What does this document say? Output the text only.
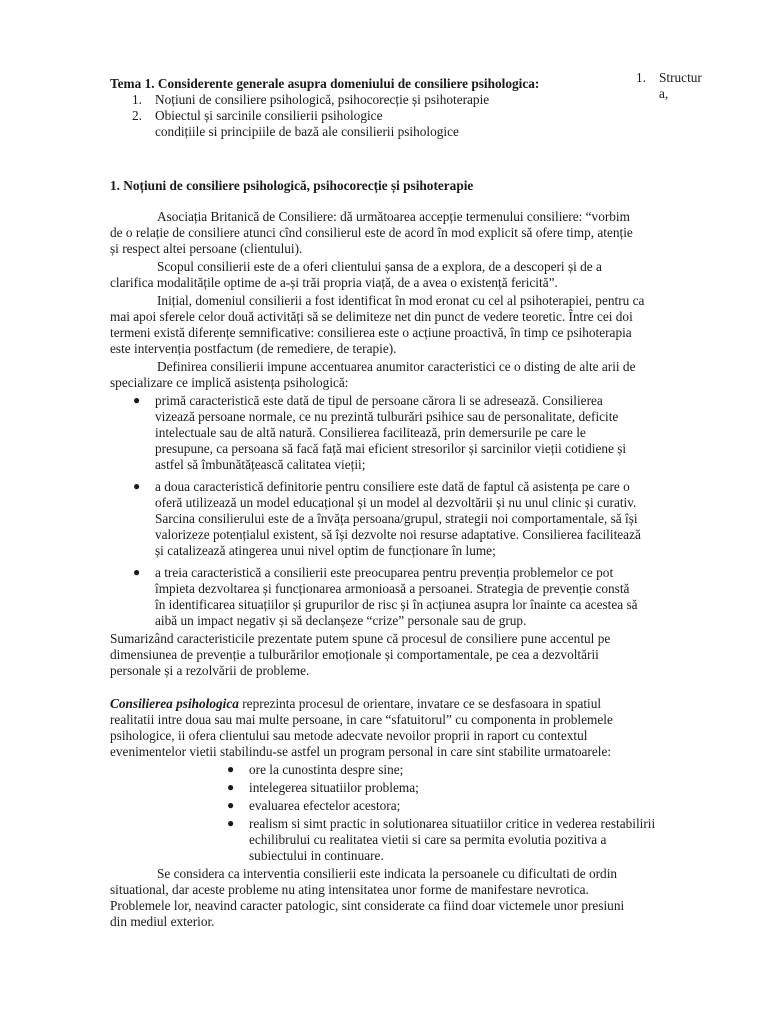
1. Structur
a,
Tema 1. Considerente generale asupra domeniului de consiliere psihologica:
1. Noțiuni de consiliere psihologică, psihocorecție și psihoterapie
2. Obiectul și sarcinile consilierii psihologice
condițiile si principiile de bază ale consilierii psihologice
1. Noțiuni de consiliere psihologică, psihocorecție și psihoterapie
Asociația Britanică de Consiliere: dă următoarea accepție termenului consiliere: “vorbim
de o relație de consiliere atunci cînd consilierul este de acord în mod explicit să ofere timp, atenție
și respect altei persoane (clientului).
Scopul consilierii este de a oferi clientului șansa de a explora, de a descoperi și de a
clarifica modalitățile optime de a-și trăi propria viață, de a avea o existență fericită”.
Inițial, domeniul consilierii a fost identificat în mod eronat cu cel al psihoterapiei, pentru ca
mai apoi sferele celor două activități să se delimiteze net din punct de vedere teoretic. Între cei doi
termeni există diferențe semnificative: consilierea este o acțiune proactivă, în timp ce psihoterapia
este intervenția postfactum (de remediere, de terapie).
Definirea consilierii impune accentuarea anumitor caracteristici ce o disting de alte arii de
specializare ce implică asistența psihologică:
● primă caracteristică este dată de tipul de persoane cărora li se adresează. Consilierea
vizează persoane normale, ce nu prezintă tulburări psihice sau de personalitate, deficite
intelectuale sau de altă natură. Consilierea facilitează, prin demersurile pe care le
presupune, ca persoana să facă față mai eficient stresorilor și sarcinilor vieții cotidiene și
astfel să îmbunătățească calitatea vieții;
● a doua caracteristică definitorie pentru consiliere este dată de faptul că asistența pe care o
oferă utilizează un model educațional și un model al dezvoltării și nu unul clinic și curativ.
Sarcina consilierului este de a învăța persoana/grupul, strategii noi comportamentale, să își
valorizeze potențialul existent, să își dezvolte noi resurse adaptative. Consilierea facilitează
și catalizează atingerea unui nivel optim de funcționare în lume;
● a treia caracteristică a consilierii este preocuparea pentru prevenția problemelor ce pot
împieta dezvoltarea și funcționarea armonioasă a persoanei. Strategia de prevenție constă
în identificarea situațiilor și grupurilor de risc și în acțiunea asupra lor înainte ca acestea să
aibă un impact negativ și să declanșeze “crize” personale sau de grup.
Sumarizând caracteristicile prezentate putem spune că procesul de consiliere pune accentul pe
dimensiunea de prevenție a tulburărilor emoționale și comportamentale, pe cea a dezvoltării
personale și a rezolvării de probleme.
Consilierea psihologica reprezinta procesul de orientare, invatare ce se desfasoara in spatiul
realitatii intre doua sau mai multe persoane, in care “sfatuitorul” cu componenta in problemele
psihologice, ii ofera clientului sau metode adecvate nevoilor proprii in raport cu contextul
evenimentelor vietii stabilindu-se astfel un program personal in care sint stabilite urmatoarele:
● ore la cunostinta despre sine;
● intelegerea situatiilor problema;
● evaluarea efectelor acestora;
● realism si simt practic in solutionarea situatiilor critice in vederea restabilirii
echilibrului cu realitatea vietii si care sa permita evolutia pozitiva a
subiectului in continuare.
Se considera ca interventia consilierii este indicata la persoanele cu dificultati de ordin
situational, dar aceste probleme nu ating intensitatea unor forme de manifestare nevrotica.
Problemele lor, neavind caracter patologic, sint considerate ca fiind doar victemele unor presiuni
din mediul exterior.
